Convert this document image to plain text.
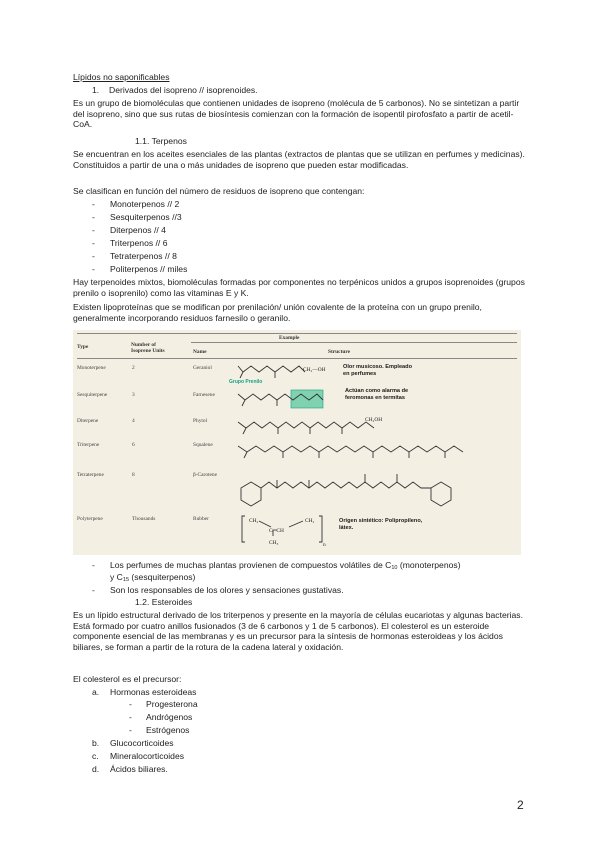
Lípidos no saponificables
1. Derivados del isopreno // isoprenoides.
Es un grupo de biomoléculas que contienen unidades de isopreno (molécula de 5 carbonos). No se sintetizan a partir del isopreno, sino que sus rutas de biosíntesis comienzan con la formación de isopentil pirofosfato a partir de acetil-CoA.
1.1. Terpenos
Se encuentran en los aceites esenciales de las plantas (extractos de plantas que se utilizan en perfumes y medicinas). Constituidos a partir de una o más unidades de isopreno que pueden estar modificadas.
Se clasifican en función del número de residuos de isopreno que contengan:
- Monoterpenos // 2
- Sesquiterpenos //3
- Diterpenos // 4
- Triterpenos // 6
- Tetraterpenos // 8
- Politerpenos // miles
Hay terpenoides mixtos, biomoléculas formadas por componentes no terpénicos unidos a grupos isoprenoides (grupos prenilo o isoprenilo) como las vitaminas E y K.
Existen lipoproteínas que se modifican por prenilación/ unión covalente de la proteína con un grupo prenilo, generalmente incorporando residuos farnesilo o geranilo.
Example
Type	Number of Isoprene Units	Name	Structure
Monoterpene	2	Geraniol
Sesquiterpene	3	Farnesene
Diterpene	4	Phytol
Triterpene	6	Squalene
Tetraterpene	8	β-Carotene
Polyterpene	Thousands	Rubber
CH₂—OH
CH₂OH
CH₂	CH₂
C═CH
CH₃	n
Grupo Prenilo
Olor musicoso. Empleado en perfumes
Actúan como alarma de feromonas en termitas
Origen sintético: Polipropileno, látex.
- Los perfumes de muchas plantas provienen de compuestos volátiles de $C_{10}$ (monoterpenos)
y $C_{15}$ (sesquiterpenos)
- Son los responsables de los olores y sensaciones gustativas.
1.2. Esteroides
Es un lípido estructural derivado de los triterpenos y presente en la mayoría de células eucariotas y algunas bacterias. Está formado por cuatro anillos fusionados (3 de 6 carbonos y 1 de 5 carbonos). El colesterol es un esteroide componente esencial de las membranas y es un precursor para la síntesis de hormonas esteroideas y los ácidos biliares, se forman a partir de la rotura de la cadena lateral y oxidación.
El colesterol es el precursor:
a. Hormonas esteroideas
- Progesterona
- Andrógenos
- Estrógenos
b. Glucocorticoides
c. Mineralocorticoides
d. Ácidos biliares.
2
